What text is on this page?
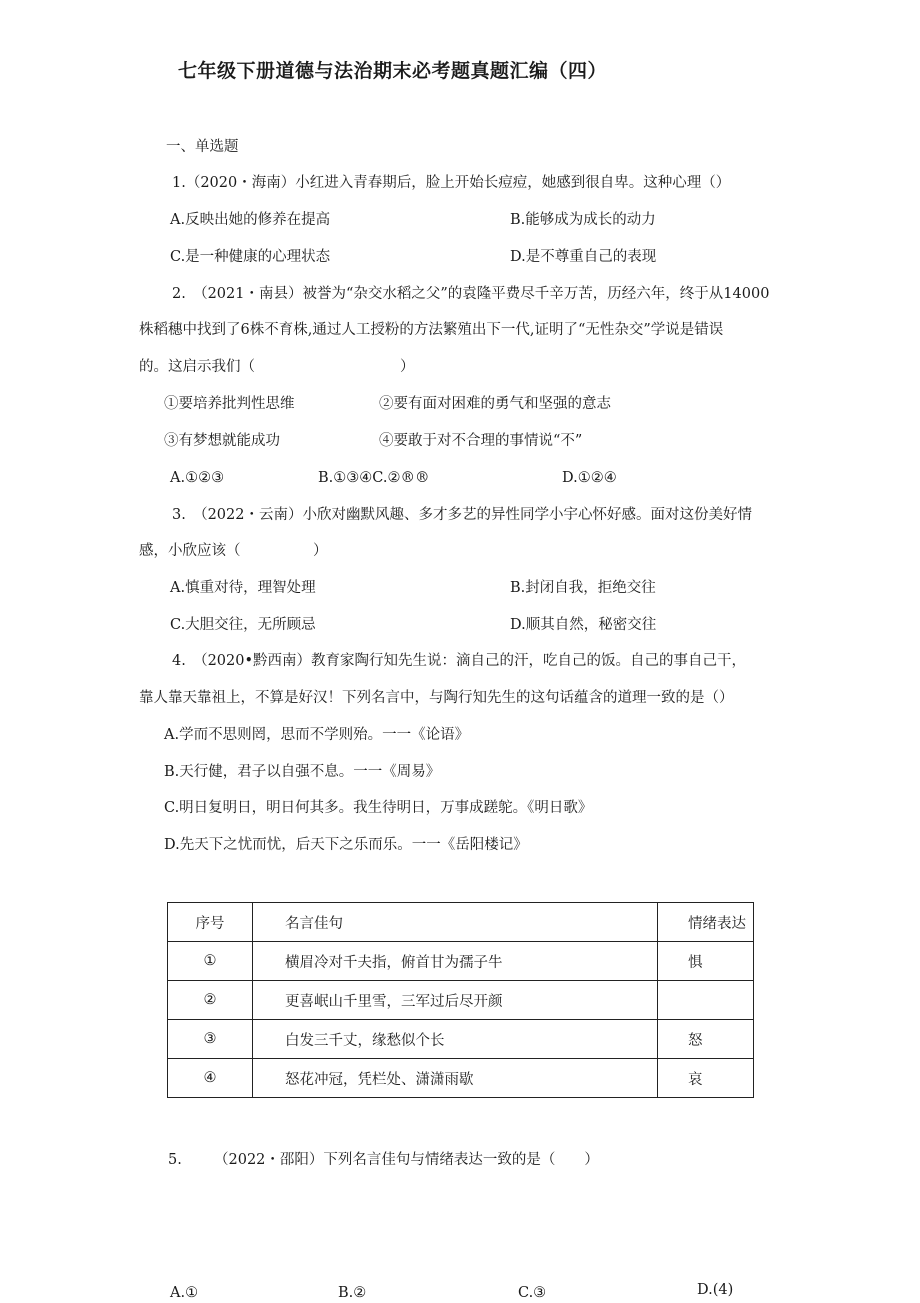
七年级下册道德与法治期末必考题真题汇编（四）
一、单选题
1.（2020・海南）小红进入青春期后，脸上开始长痘痘，她感到很自卑。这种心理（）
A.反映出她的修养在提高	B.能够成为成长的动力
C.是一种健康的心理状态	D.是不尊重自己的表现
2.　（2021・南县）被誉为“杂交水稻之父”的袁隆平费尽千辛万苦，历经六年，终于从14000
株稻穗中找到了6株不育株,通过人工授粉的方法繁殖出下一代,证明了“无性杂交”学说是错误
的。这启示我们（　　　　　　　　　　）
①要培养批判性思维	②要有面对困难的勇气和坚强的意志
③有梦想就能成功	④要敢于对不合理的事情说“不”
A.①②③	B.①③④C.②®®	D.①②④
3.　（2022・云南）小欣对幽默风趣、多才多艺的异性同学小宇心怀好感。面对这份美好情
感，小欣应该（　　　　　）
A.慎重对待，理智处理	B.封闭自我，拒绝交往
C.大胆交往，无所顾忌	D.顺其自然，秘密交往
4.　（2020•黔西南）教育家陶行知先生说：滴自己的汗，吃自己的饭。自己的事自己干，
靠人靠天靠祖上，不算是好汉！下列名言中，与陶行知先生的这句话蕴含的道理一致的是（）
A.学而不思则罔，思而不学则殆。一一《论语》
B.天行健，君子以自强不息。一一《周易》
C.明日复明日，明日何其多。我生待明日，万事成蹉鸵。《明日歌》
D.先天下之忧而忧，后天下之乐而乐。一一《岳阳楼记》
序号	名言佳句	情绪表达
①	横眉冷对千夫指，俯首甘为孺子牛	惧
②	更喜岷山千里雪，三军过后尽开颜	
③	白发三千丈，缘愁似个长	怒
④	怒花冲冠，凭栏处、潇潇雨歇	哀
5. （2022・邵阳）下列名言佳句与情绪表达一致的是（　　）
A.①	B.②	C.③	D.(4)
